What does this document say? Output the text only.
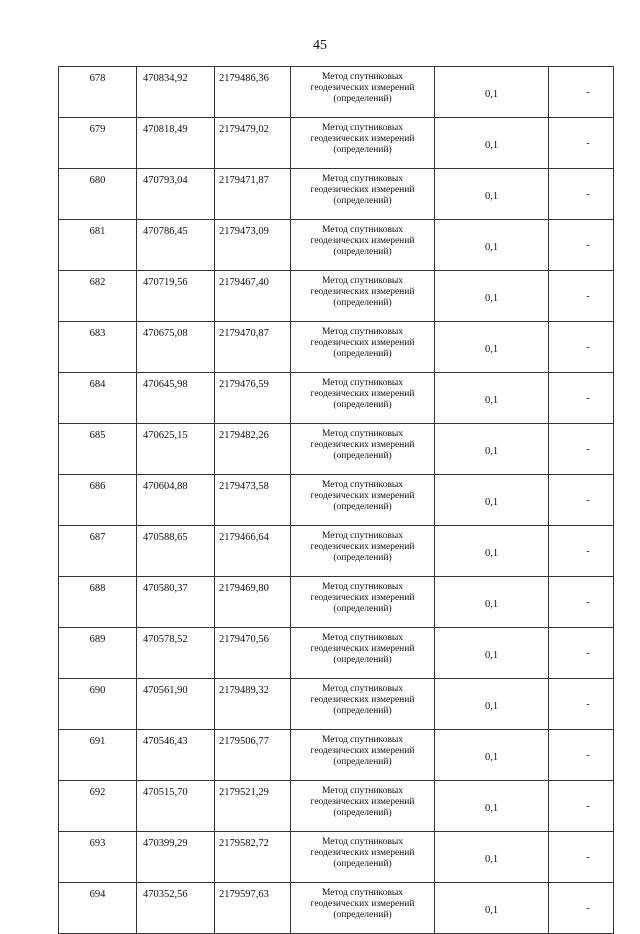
45
678	470834,92	2179486,36	Метод спутниковых геодезических измерений (определений)	0,1	-
679	470818,49	2179479,02	Метод спутниковых геодезических измерений (определений)	0,1	-
680	470793,04	2179471,87	Метод спутниковых геодезических измерений (определений)	0,1	-
681	470786,45	2179473,09	Метод спутниковых геодезических измерений (определений)	0,1	-
682	470719,56	2179467,40	Метод спутниковых геодезических измерений (определений)	0,1	-
683	470675,08	2179470,87	Метод спутниковых геодезических измерений (определений)	0,1	-
684	470645,98	2179476,59	Метод спутниковых геодезических измерений (определений)	0,1	-
685	470625,15	2179482,26	Метод спутниковых геодезических измерений (определений)	0,1	-
686	470604,88	2179473,58	Метод спутниковых геодезических измерений (определений)	0,1	-
687	470588,65	2179466,64	Метод спутниковых геодезических измерений (определений)	0,1	-
688	470580,37	2179469,80	Метод спутниковых геодезических измерений (определений)	0,1	-
689	470578,52	2179470,56	Метод спутниковых геодезических измерений (определений)	0,1	-
690	470561,90	2179489,32	Метод спутниковых геодезических измерений (определений)	0,1	-
691	470546,43	2179506,77	Метод спутниковых геодезических измерений (определений)	0,1	-
692	470515,70	2179521,29	Метод спутниковых геодезических измерений (определений)	0,1	-
693	470399,29	2179582,72	Метод спутниковых геодезических измерений (определений)	0,1	-
694	470352,56	2179597,63	Метод спутниковых геодезических измерений (определений)	0,1	-
